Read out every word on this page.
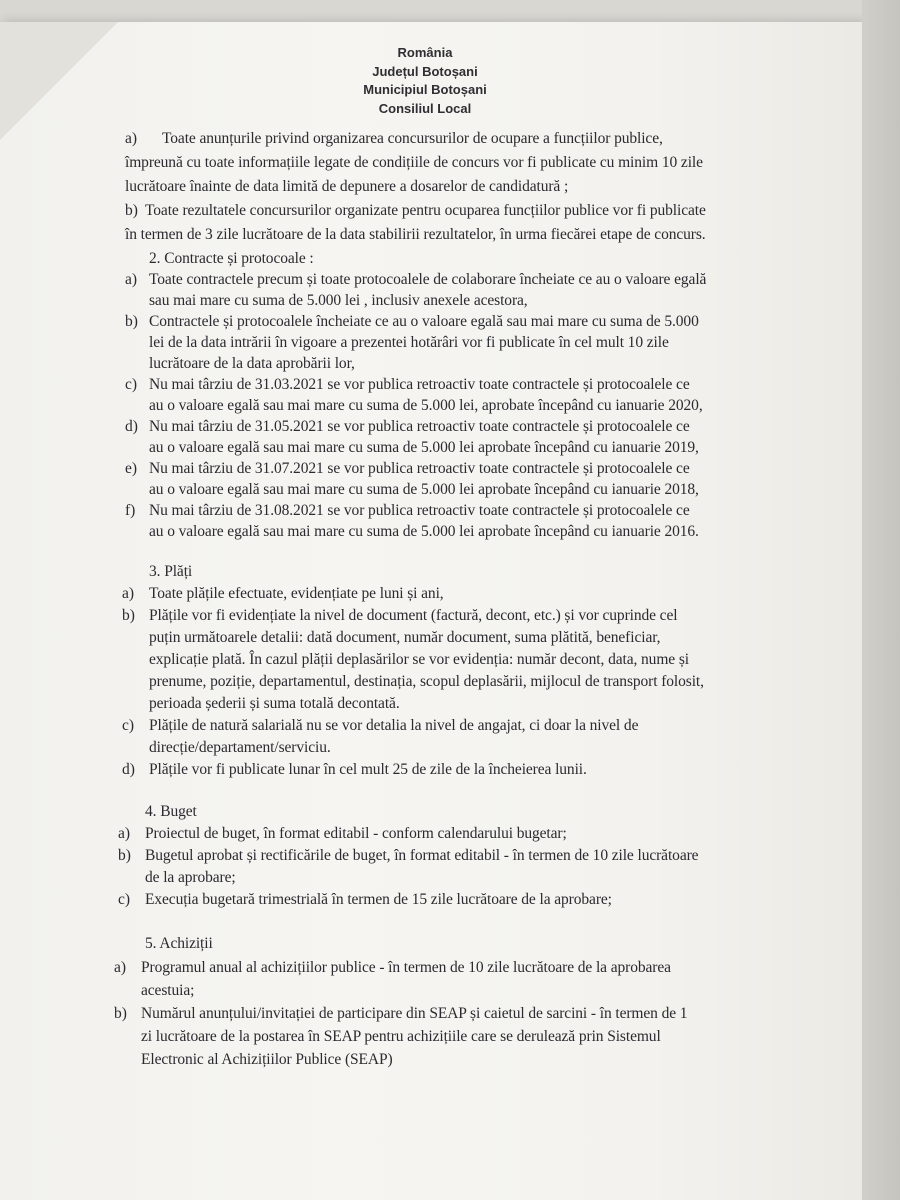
România
Județul Botoșani
Municipiul Botoșani
Consiliul Local
a) Toate anunțurile privind organizarea concursurilor de ocupare a funcțiilor publice,
împreună cu toate informațiile legate de condițiile de concurs vor fi publicate cu minim 10 zile
lucrătoare înainte de data limită de depunere a dosarelor de candidatură ;
b) Toate rezultatele concursurilor organizate pentru ocuparea funcțiilor publice vor fi publicate
în termen de 3 zile lucrătoare de la data stabilirii rezultatelor, în urma fiecărei etape de concurs.
2. Contracte și protocoale :
a) Toate contractele precum și toate protocoalele de colaborare încheiate ce au o valoare egală
sau mai mare cu suma de 5.000 lei , inclusiv anexele acestora,
b) Contractele și protocoalele încheiate ce au o valoare egală sau mai mare cu suma de 5.000
lei de la data intrării în vigoare a prezentei hotărâri vor fi publicate în cel mult 10 zile
lucrătoare de la data aprobării lor,
c) Nu mai târziu de 31.03.2021 se vor publica retroactiv toate contractele și protocoalele ce
au o valoare egală sau mai mare cu suma de 5.000 lei, aprobate începând cu ianuarie 2020,
d) Nu mai târziu de 31.05.2021 se vor publica retroactiv toate contractele și protocoalele ce
au o valoare egală sau mai mare cu suma de 5.000 lei aprobate începând cu ianuarie 2019,
e) Nu mai târziu de 31.07.2021 se vor publica retroactiv toate contractele și protocoalele ce
au o valoare egală sau mai mare cu suma de 5.000 lei aprobate începând cu ianuarie 2018,
f) Nu mai târziu de 31.08.2021 se vor publica retroactiv toate contractele și protocoalele ce
au o valoare egală sau mai mare cu suma de 5.000 lei aprobate începând cu ianuarie 2016.
3. Plăți
a) Toate plățile efectuate, evidențiate pe luni și ani,
b) Plățile vor fi evidențiate la nivel de document (factură, decont, etc.) și vor cuprinde cel
puțin următoarele detalii: dată document, număr document, suma plătită, beneficiar,
explicație plată. În cazul plății deplasărilor se vor evidenția: număr decont, data, nume și
prenume, poziție, departamentul, destinația, scopul deplasării, mijlocul de transport folosit,
perioada șederii și suma totală decontată.
c) Plățile de natură salarială nu se vor detalia la nivel de angajat, ci doar la nivel de
direcție/departament/serviciu.
d) Plățile vor fi publicate lunar în cel mult 25 de zile de la încheierea lunii.
4. Buget
a) Proiectul de buget, în format editabil - conform calendarului bugetar;
b) Bugetul aprobat și rectificările de buget, în format editabil - în termen de 10 zile lucrătoare
de la aprobare;
c) Execuția bugetară trimestrială în termen de 15 zile lucrătoare de la aprobare;
5. Achiziții
a) Programul anual al achizițiilor publice - în termen de 10 zile lucrătoare de la aprobarea
acestuia;
b) Numărul anunțului/invitației de participare din SEAP și caietul de sarcini - în termen de 1
zi lucrătoare de la postarea în SEAP pentru achizițiile care se derulează prin Sistemul
Electronic al Achizițiilor Publice (SEAP)
